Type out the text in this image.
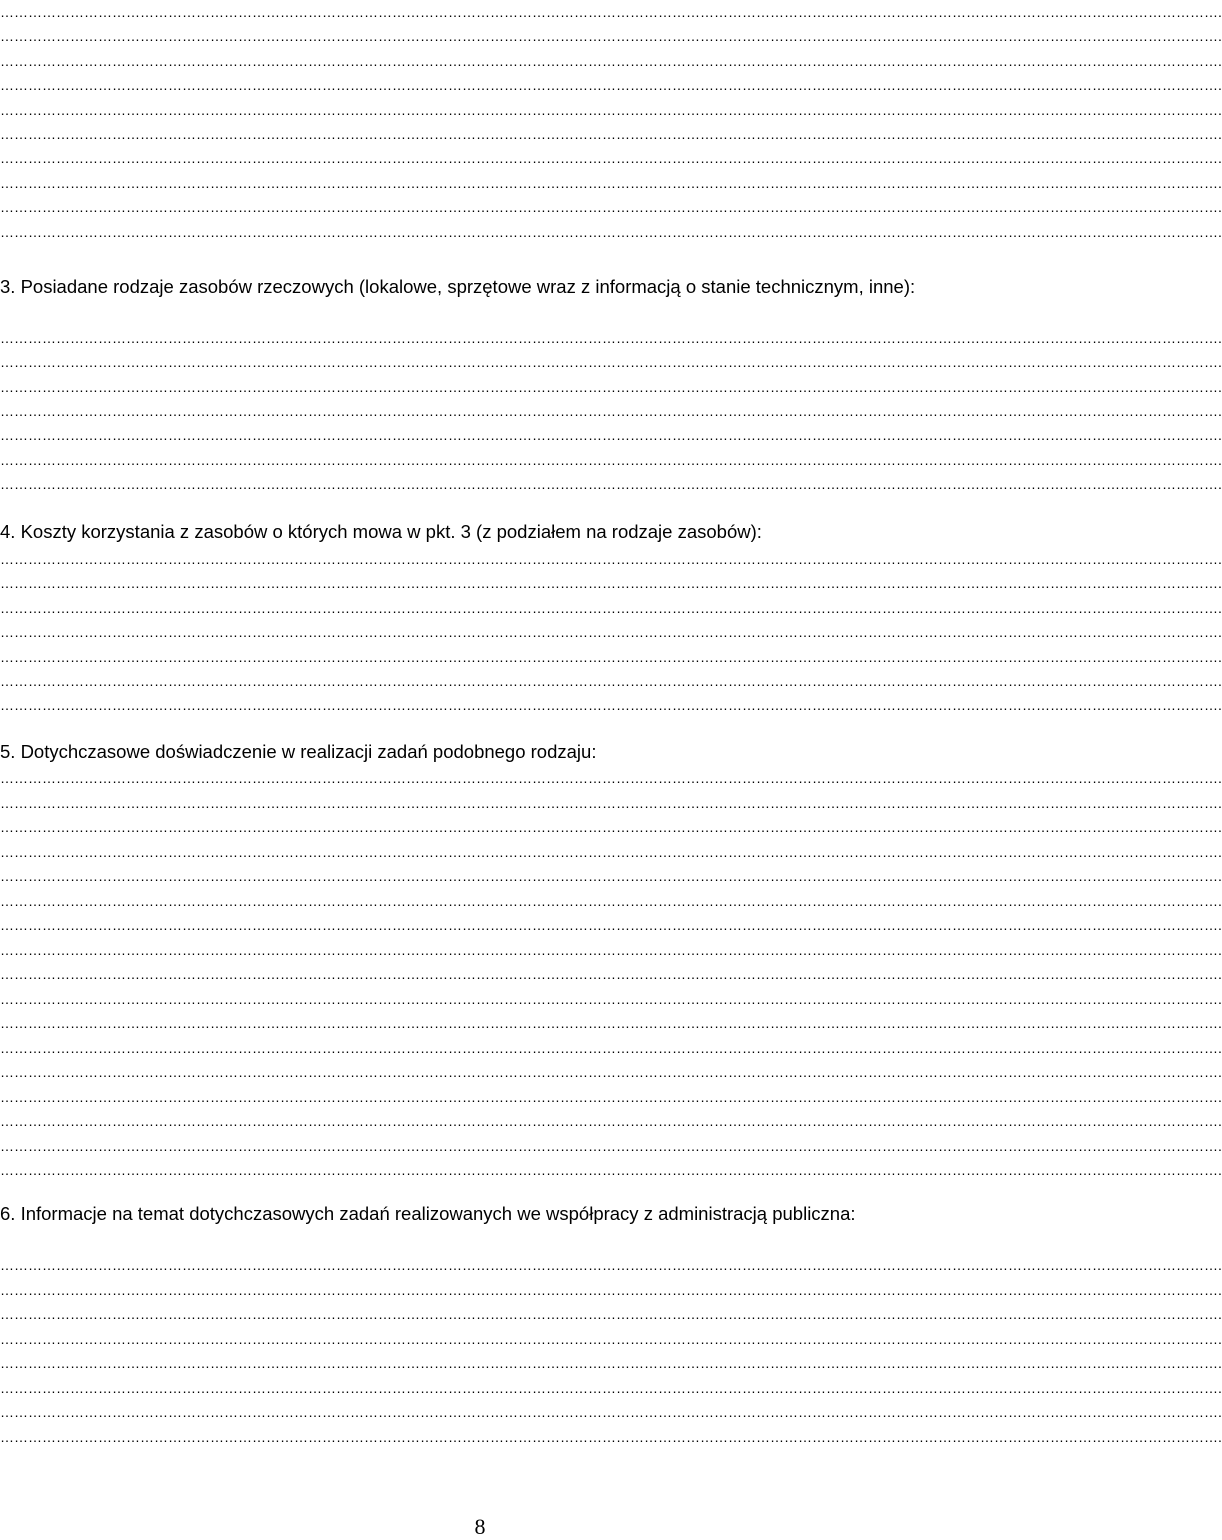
……………………………………………………………………………………………………………………………………………………………………………………………………………………………………….
……………………………………………………………………………………………………………………………………………………………………………………………………………………………………….
……………………………………………………………………………………………………………………………………………………………………………………………………………………………………….
……………………………………………………………………………………………………………………………………………………………………………………………………………………………………….
……………………………………………………………………………………………………………………………………………………………………………………………………………………………………….
……………………………………………………………………………………………………………………………………………………………………………………………………………………………………….
……………………………………………………………………………………………………………………………………………………………………………………………………………………………………….
……………………………………………………………………………………………………………………………………………………………………………………………………………………………………….
……………………………………………………………………………………………………………………………………………………………………………………………………………………………………….
……………………………………………………………………………………………………………………………………………………………………………………………………………………………………….
3. Posiadane rodzaje zasobów rzeczowych (lokalowe, sprzętowe wraz z informacją o stanie technicznym, inne):
……………………………………………………………………………………………………………………………………………………………………………………………………………………………………….
……………………………………………………………………………………………………………………………………………………………………………………………………………………………………….
……………………………………………………………………………………………………………………………………………………………………………………………………………………………………….
……………………………………………………………………………………………………………………………………………………………………………………………………………………………………….
……………………………………………………………………………………………………………………………………………………………………………………………………………………………………….
……………………………………………………………………………………………………………………………………………………………………………………………………………………………………….
……………………………………………………………………………………………………………………………………………………………………………………………………………………………………….
4. Koszty korzystania z zasobów o których mowa w pkt. 3 (z podziałem na rodzaje zasobów):
……………………………………………………………………………………………………………………………………………………………………………………………………………………………………….
……………………………………………………………………………………………………………………………………………………………………………………………………………………………………….
……………………………………………………………………………………………………………………………………………………………………………………………………………………………………….
……………………………………………………………………………………………………………………………………………………………………………………………………………………………………….
……………………………………………………………………………………………………………………………………………………………………………………………………………………………………….
……………………………………………………………………………………………………………………………………………………………………………………………………………………………………….
……………………………………………………………………………………………………………………………………………………………………………………………………………………………………….
5. Dotychczasowe doświadczenie w realizacji zadań podobnego rodzaju:
……………………………………………………………………………………………………………………………………………………………………………………………………………………………………….
……………………………………………………………………………………………………………………………………………………………………………………………………………………………………….
……………………………………………………………………………………………………………………………………………………………………………………………………………………………………….
……………………………………………………………………………………………………………………………………………………………………………………………………………………………………….
……………………………………………………………………………………………………………………………………………………………………………………………………………………………………….
……………………………………………………………………………………………………………………………………………………………………………………………………………………………………….
……………………………………………………………………………………………………………………………………………………………………………………………………………………………………….
……………………………………………………………………………………………………………………………………………………………………………………………………………………………………….
……………………………………………………………………………………………………………………………………………………………………………………………………………………………………….
……………………………………………………………………………………………………………………………………………………………………………………………………………………………………….
……………………………………………………………………………………………………………………………………………………………………………………………………………………………………….
……………………………………………………………………………………………………………………………………………………………………………………………………………………………………….
……………………………………………………………………………………………………………………………………………………………………………………………………………………………………….
……………………………………………………………………………………………………………………………………………………………………………………………………………………………………….
……………………………………………………………………………………………………………………………………………………………………………………………………………………………………….
……………………………………………………………………………………………………………………………………………………………………………………………………………………………………….
……………………………………………………………………………………………………………………………………………………………………………………………………………………………………….
6. Informacje na temat dotychczasowych zadań realizowanych we współpracy z administracją publiczna:
……………………………………………………………………………………………………………………………………………………………………………………………………………………………………….
……………………………………………………………………………………………………………………………………………………………………………………………………………………………………….
……………………………………………………………………………………………………………………………………………………………………………………………………………………………………….
……………………………………………………………………………………………………………………………………………………………………………………………………………………………………….
……………………………………………………………………………………………………………………………………………………………………………………………………………………………………….
……………………………………………………………………………………………………………………………………………………………………………………………………………………………………….
……………………………………………………………………………………………………………………………………………………………………………………………………………………………………….
……………………………………………………………………………………………………………………………………………………………………………………………………………………………………….
8
